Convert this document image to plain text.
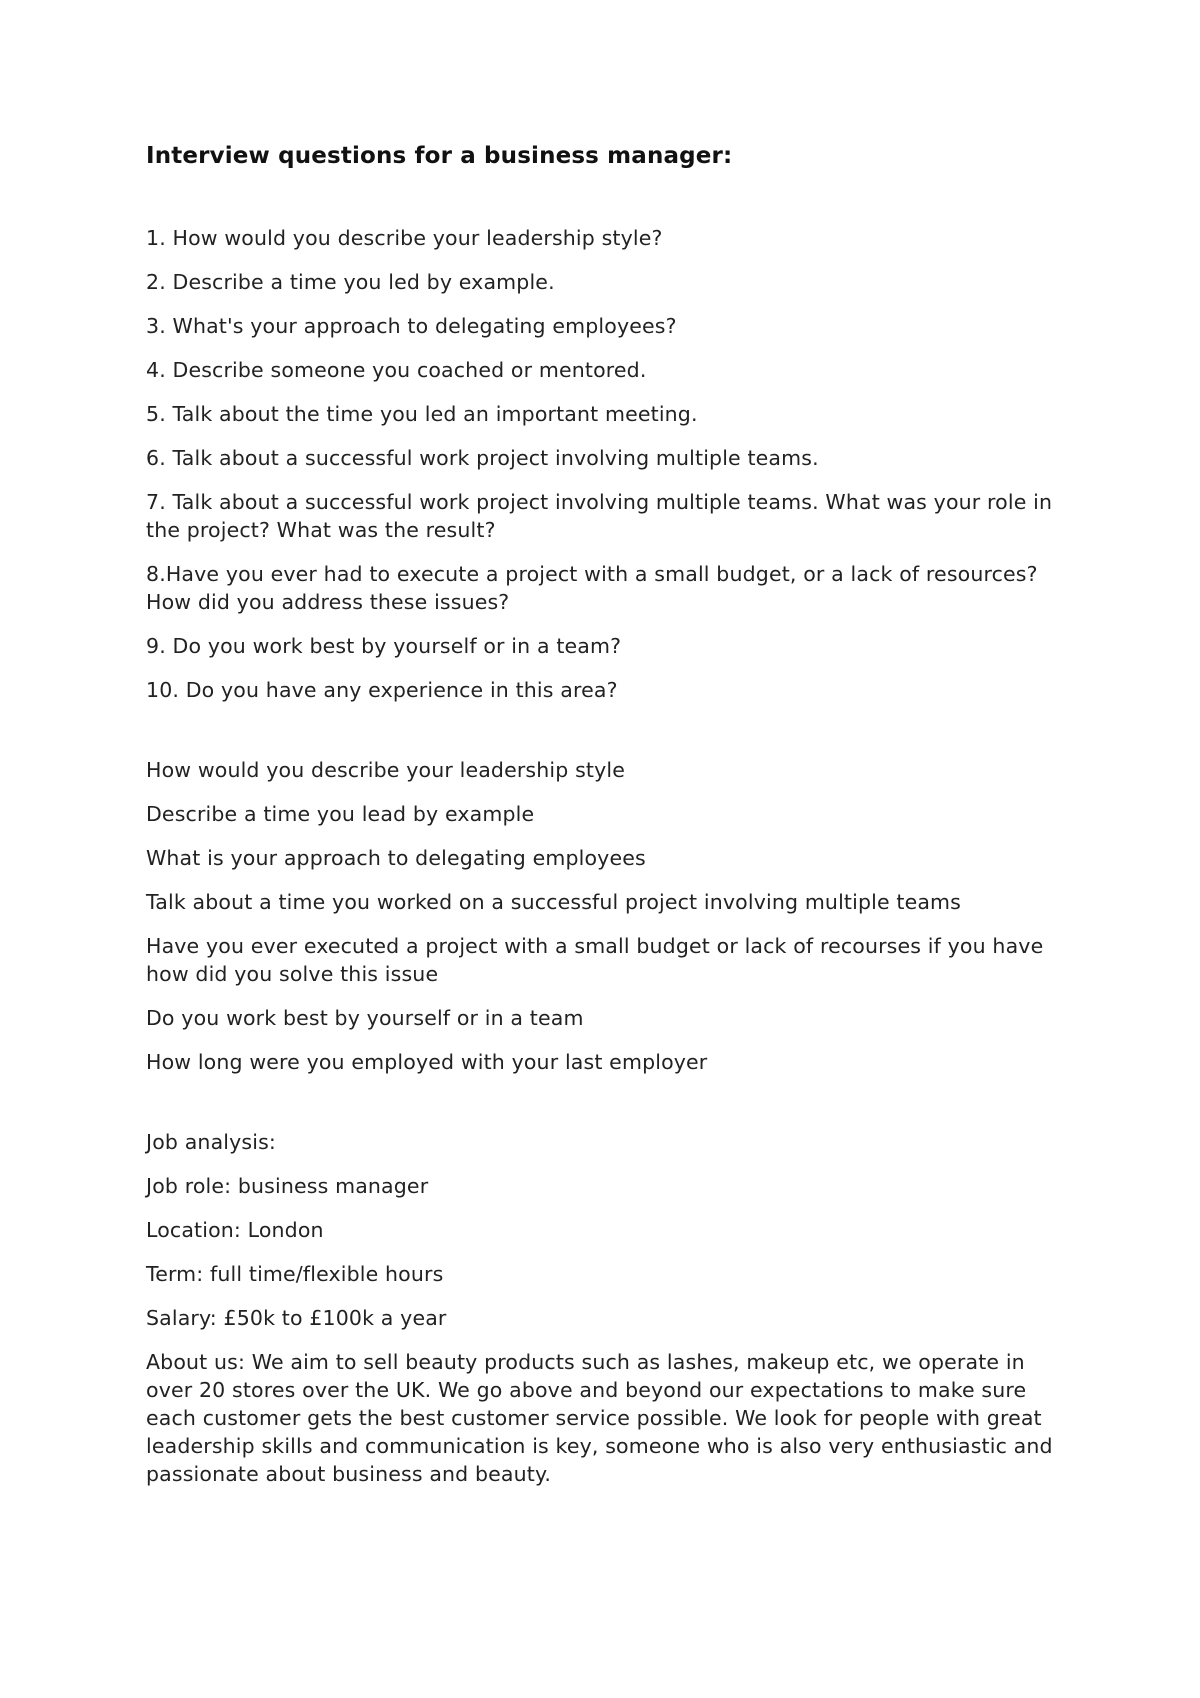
Interview questions for a business manager:

1. How would you describe your leadership style?

2. Describe a time you led by example.

3. What's your approach to delegating employees?

4. Describe someone you coached or mentored.

5. Talk about the time you led an important meeting.

6. Talk about a successful work project involving multiple teams.

7. Talk about a successful work project involving multiple teams. What was your role in the project? What was the result?

8.Have you ever had to execute a project with a small budget, or a lack of resources? How did you address these issues?

9. Do you work best by yourself or in a team?

10. Do you have any experience in this area?

How would you describe your leadership style

Describe a time you lead by example

What is your approach to delegating employees

Talk about a time you worked on a successful project involving multiple teams

Have you ever executed a project with a small budget or lack of recourses if you have how did you solve this issue

Do you work best by yourself or in a team

How long were you employed with your last employer

Job analysis:

Job role: business manager

Location: London

Term: full time/flexible hours

Salary: £50k to £100k a year

About us: We aim to sell beauty products such as lashes, makeup etc, we operate in over 20 stores over the UK. We go above and beyond our expectations to make sure each customer gets the best customer service possible. We look for people with great leadership skills and communication is key, someone who is also very enthusiastic and passionate about business and beauty.
